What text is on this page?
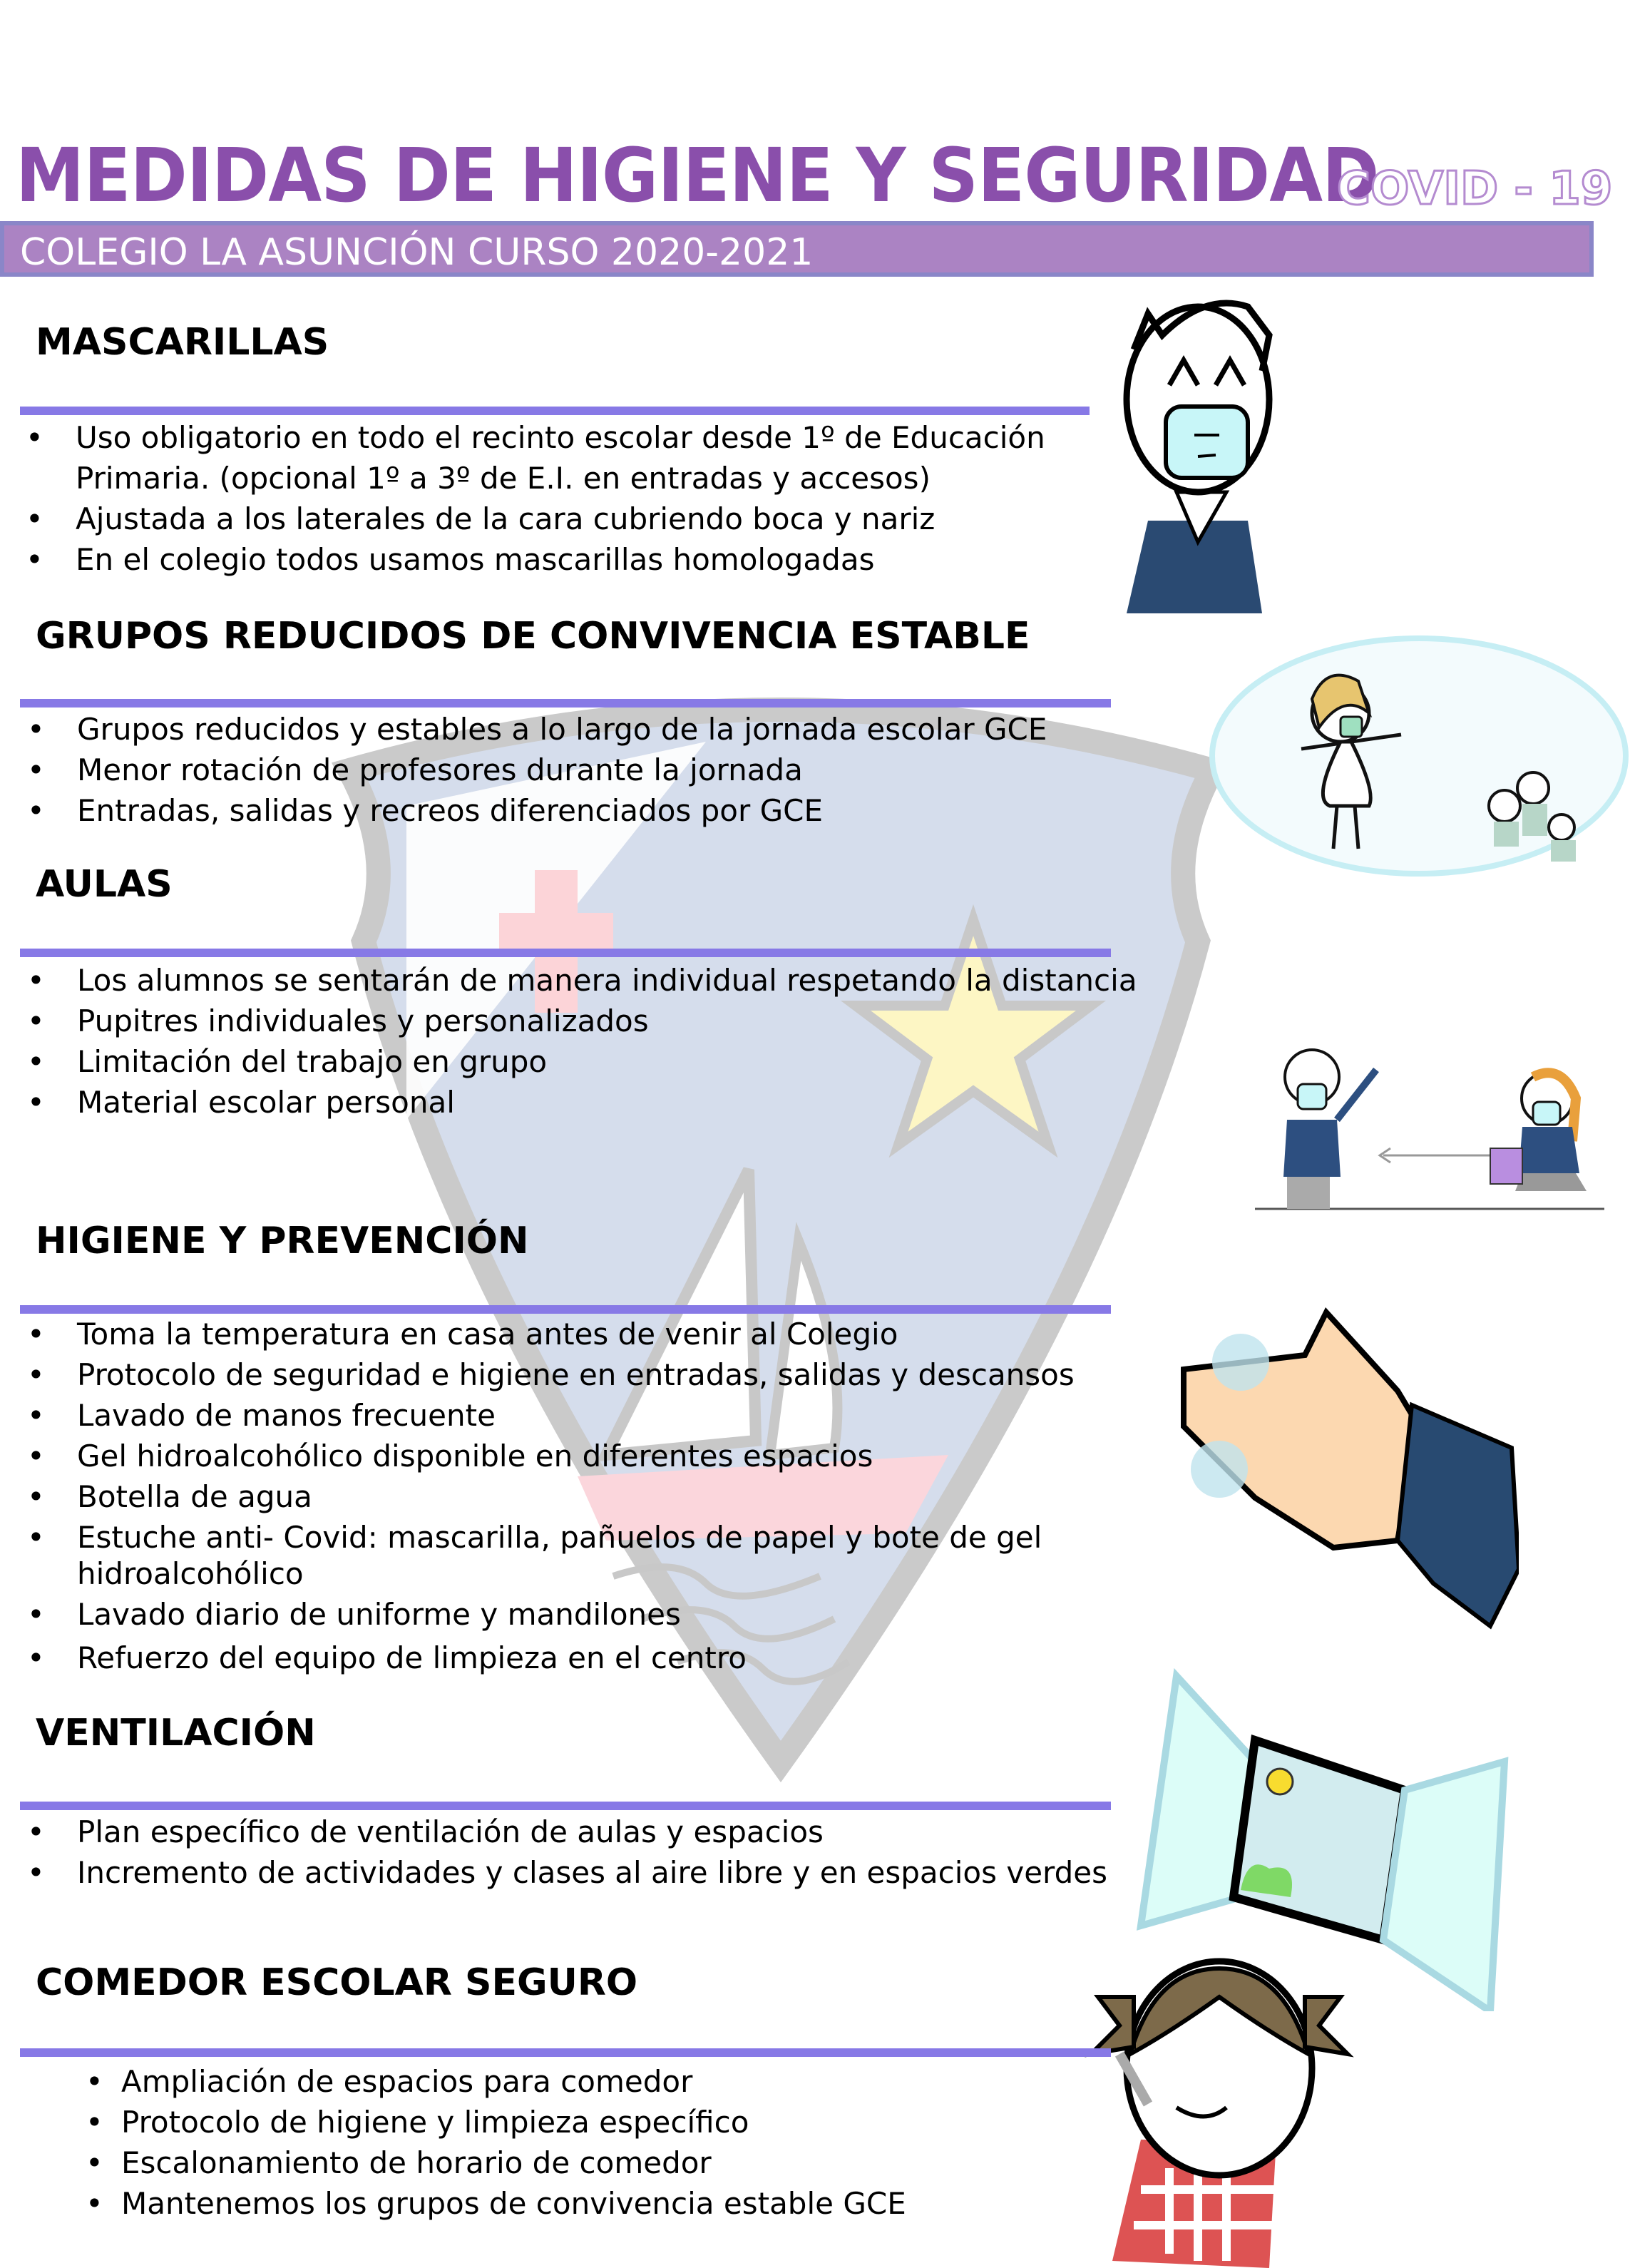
MEDIDAS DE HIGIENE Y SEGURIDAD
COVID - 19
COLEGIO LA ASUNCIÓN CURSO 2020-2021
MASCARILLAS
• Uso obligatorio en todo el recinto escolar desde 1º de Educación
Primaria. (opcional 1º a 3º de E.I. en entradas y accesos)
• Ajustada a los laterales de la cara cubriendo boca y nariz
• En el colegio todos usamos mascarillas homologadas
GRUPOS REDUCIDOS DE CONVIVENCIA ESTABLE
• Grupos reducidos y estables a lo largo de la jornada escolar GCE
• Menor rotación de profesores durante la jornada
• Entradas, salidas y recreos diferenciados por GCE
AULAS
• Los alumnos se sentarán de manera individual respetando la distancia
• Pupitres individuales y personalizados
• Limitación del trabajo en grupo
• Material escolar personal
HIGIENE Y PREVENCIÓN
• Toma la temperatura en casa antes de venir al Colegio
• Protocolo de seguridad e higiene en entradas, salidas y descansos
• Lavado de manos frecuente
• Gel hidroalcohólico disponible en diferentes espacios
• Botella de agua
• Estuche anti- Covid: mascarilla, pañuelos de papel y bote de gel
hidroalcohólico
• Lavado diario de uniforme y mandilones
• Refuerzo del equipo de limpieza en el centro
VENTILACIÓN
• Plan específico de ventilación de aulas y espacios
• Incremento de actividades y clases al aire libre y en espacios verdes
COMEDOR ESCOLAR SEGURO
• Ampliación de espacios para comedor
• Protocolo de higiene y limpieza específico
• Escalonamiento de horario de comedor
• Mantenemos los grupos de convivencia estable GCE
